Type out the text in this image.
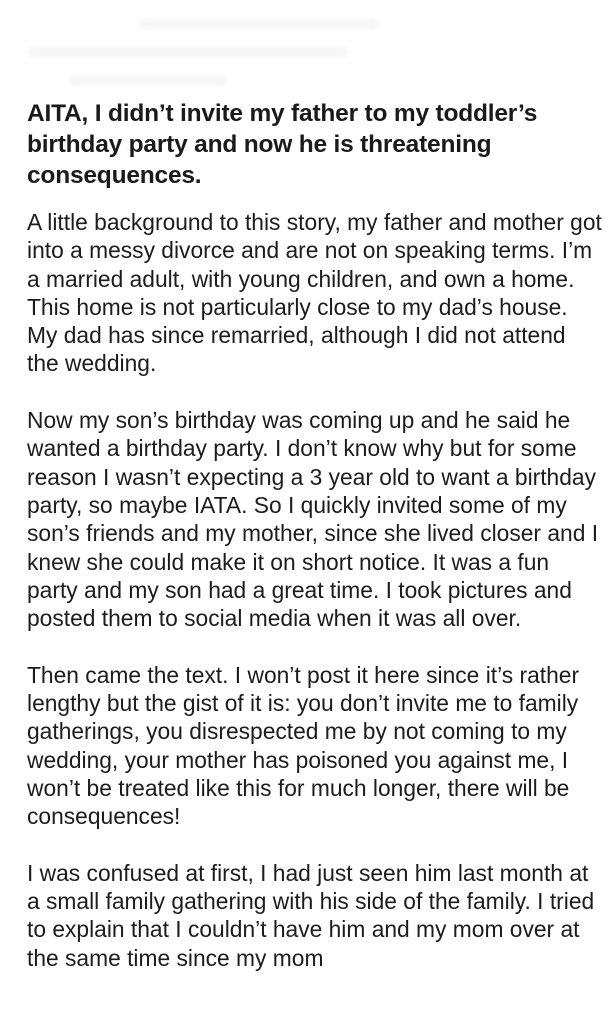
AITA, I didn’t invite my father to my toddler’s birthday party and now he is threatening consequences.

A little background to this story, my father and mother got into a messy divorce and are not on speaking terms. I’m a married adult, with young children, and own a home. This home is not particularly close to my dad’s house. My dad has since remarried, although I did not attend the wedding.

Now my son’s birthday was coming up and he said he wanted a birthday party. I don’t know why but for some reason I wasn’t expecting a 3 year old to want a birthday party, so maybe IATA. So I quickly invited some of my son’s friends and my mother, since she lived closer and I knew she could make it on short notice. It was a fun party and my son had a great time. I took pictures and posted them to social media when it was all over.

Then came the text. I won’t post it here since it’s rather lengthy but the gist of it is: you don’t invite me to family gatherings, you disrespected me by not coming to my wedding, your mother has poisoned you against me, I won’t be treated like this for much longer, there will be consequences!

I was confused at first, I had just seen him last month at a small family gathering with his side of the family. I tried to explain that I couldn’t have him and my mom over at the same time since my mom
